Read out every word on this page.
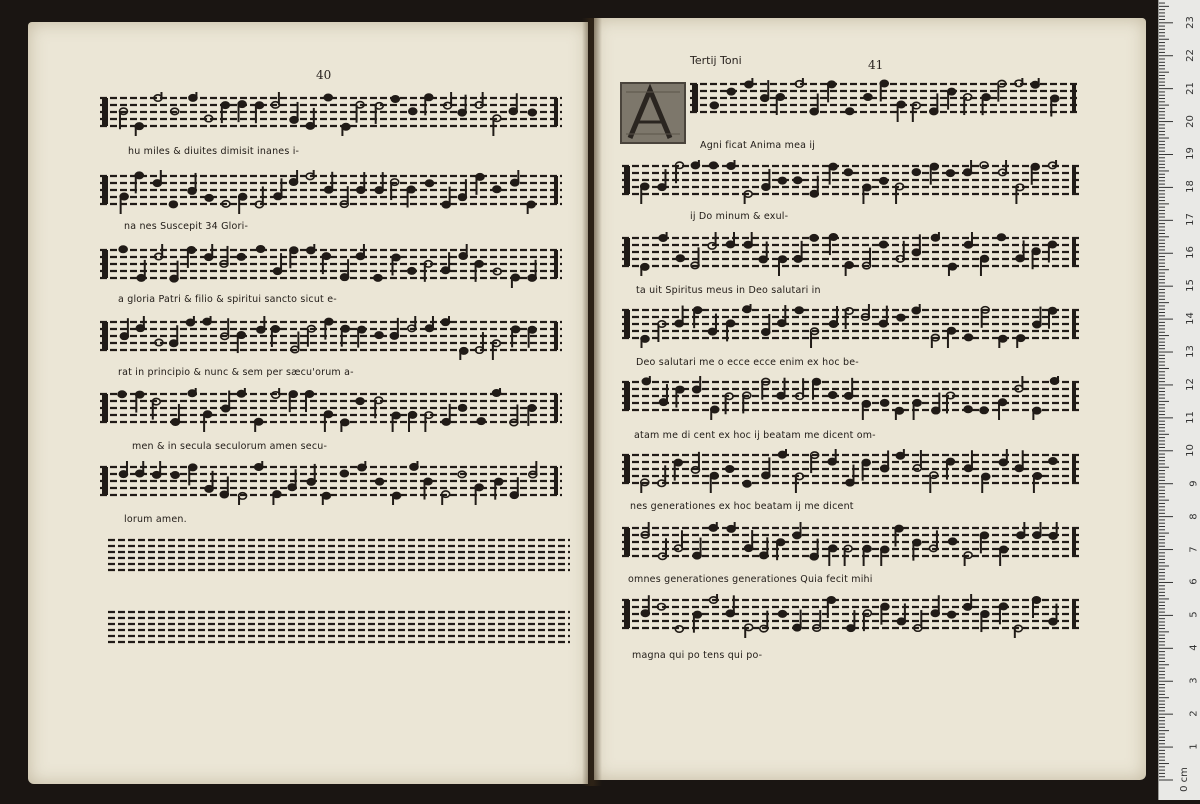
40
Tertij Toni	41
hu miles & diuites dimisit inanes i-
na nes Suscepit 34 Glori-
a gloria Patri & filio & spiritui sancto sicut e-
rat in principio & nunc & sem per sæcu'orum a-
men & in secula seculorum amen secu-
lorum amen.
Agni ficat Anima mea ij
ij Do minum & exul-
ta uit Spiritus meus in Deo salutari in
Deo salutari me o ecce ecce enim ex hoc be-
atam me di cent ex hoc ij beatam me dicent om-
nes generationes ex hoc beatam ij me dicent
omnes generationes generationes Quia fecit mihi
magna qui po tens qui po-
0 cm
1
2
3
4
5
6
7
8
9
10
11
12
13
14
15
16
17
18
19
20
21
22
23
